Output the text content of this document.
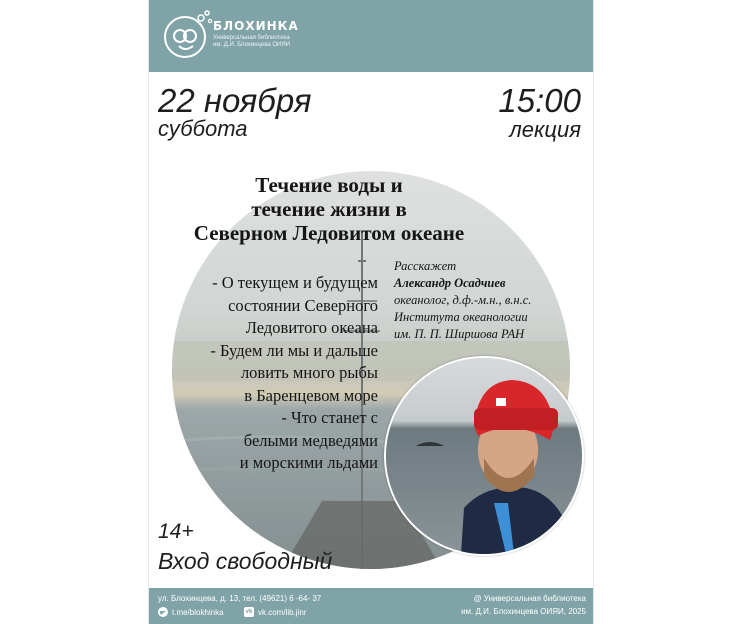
БЛОХИНКА
Универсальная библиотека
им. Д.И. Блохинцева ОИЯИ
22 ноября
суббота
15:00
лекция
Течение воды и
течение жизни в
Северном Ледовитом океане
- О текущем и будущем
состоянии Северного
Ледовитого океана
- Будем ли мы и дальше
ловить много рыбы
в Баренцевом море
- Что станет с
белыми медведями
и морскими льдами
Расскажет
Александр Осадчиев
океанолог, д.ф.-м.н., в.н.с.
Института океанологии
им. П. П. Ширшова РАН
14+
Вход свободный
ул. Блохинцева, д. 13, тел. (49621) 6 -64- 37
t.me/blokhinka	vk vk.com/lib.jinr
@ Универсальная библиотека
им. Д.И. Блохинцева ОИЯИ, 2025
